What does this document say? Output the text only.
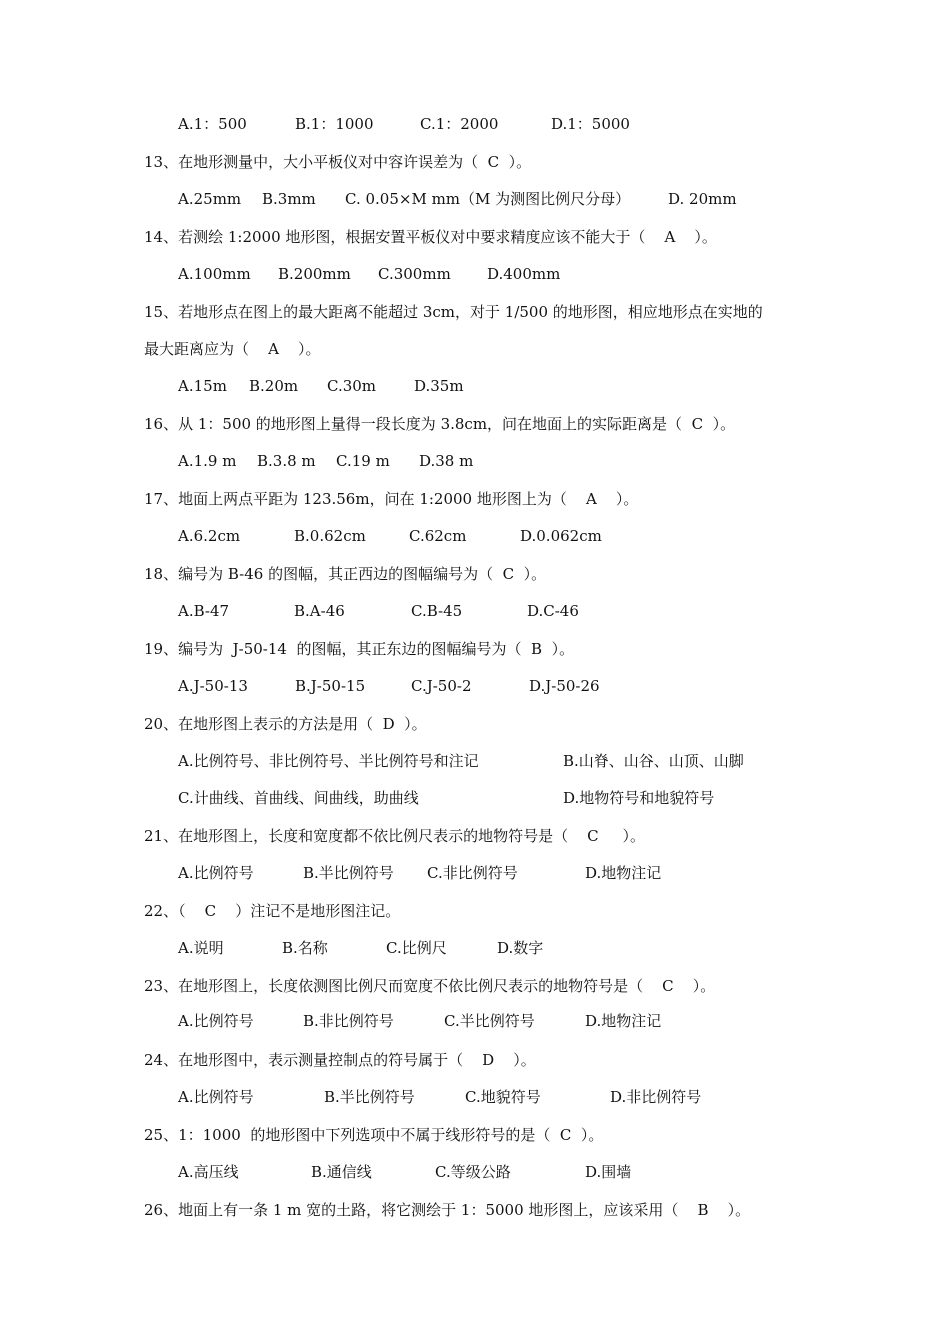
A.1：500	B.1：1000	C.1：2000	D.1：5000
13、在地形测量中，大小平板仪对中容许误差为（  C  ）。
A.25mm B.3mm C. 0.05×M mm（M 为测图比例尺分母）	D. 20mm
14、若测绘 1:2000 地形图，根据安置平板仪对中要求精度应该不能大于（    A    ）。
A.100mm B.200mm C.300mm D.400mm
15、若地形点在图上的最大距离不能超过 3cm，对于 1/500 的地形图，相应地形点在实地的
最大距离应为（    A    ）。
A.15m B.20m C.30m	D.35m
16、从 1：500 的地形图上量得一段长度为 3.8cm，问在地面上的实际距离是（  C  ）。
A.1.9 m B.3.8 m C.19 m D.38 m
17、地面上两点平距为 123.56m，问在 1:2000 地形图上为（    A    ）。
A.6.2cm	B.0.62cm	C.62cm	D.0.062cm
18、编号为 B-46 的图幅，其正西边的图幅编号为（  C  ）。
A.B-47	B.A-46	C.B-45	D.C-46
19、编号为  J-50-14  的图幅，其正东边的图幅编号为（  B  ）。
A.J-50-13	B.J-50-15	C.J-50-2	D.J-50-26
20、在地形图上表示的方法是用（  D  ）。
A.比例符号、非比例符号、半比例符号和注记	B.山脊、山谷、山顶、山脚
C.计曲线、首曲线、间曲线，助曲线	D.地物符号和地貌符号
21、在地形图上，长度和宽度都不依比例尺表示的地物符号是（    C     ）。
A.比例符号	B.半比例符号 C.非比例符号	D.地物注记
22、（    C    ）注记不是地形图注记。
A.说明	B.名称	C.比例尺	D.数字
23、在地形图上，长度依测图比例尺而宽度不依比例尺表示的地物符号是（    C    ）。
A.比例符号	B.非比例符号	C.半比例符号	D.地物注记
24、在地形图中，表示测量控制点的符号属于（    D    ）。
A.比例符号	B.半比例符号	C.地貌符号	D.非比例符号
25、1：1000  的地形图中下列选项中不属于线形符号的是（  C  ）。
A.高压线	B.通信线	C.等级公路	D.围墙
26、地面上有一条 1 m 宽的土路，将它测绘于 1：5000 地形图上，应该采用（    B    ）。
